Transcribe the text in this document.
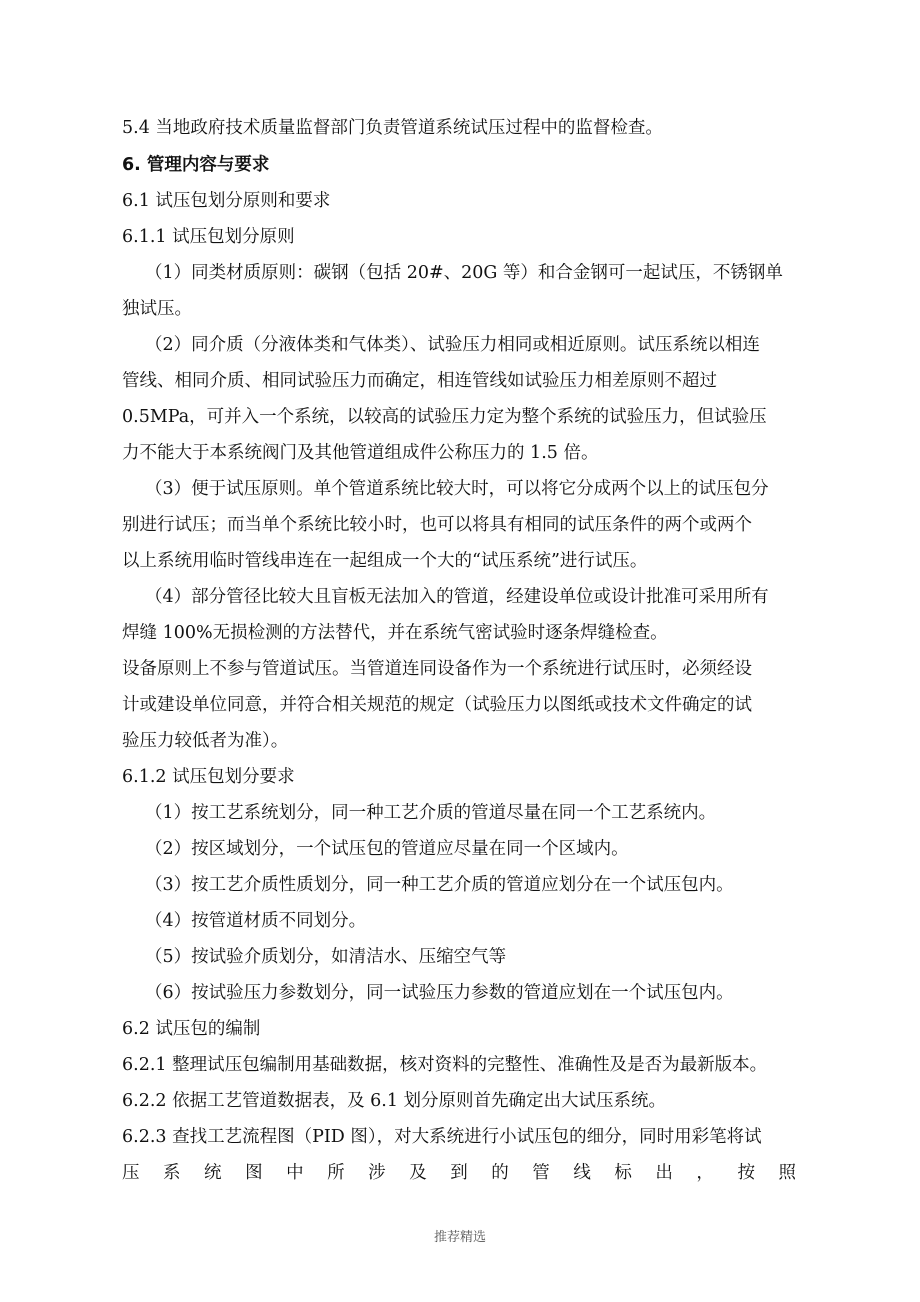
5.4 当地政府技术质量监督部门负责管道系统试压过程中的监督检查。
6. 管理内容与要求
6.1 试压包划分原则和要求
6.1.1 试压包划分原则
（1）同类材质原则：碳钢（包括 20#、20G 等）和合金钢可一起试压，不锈钢单
独试压。
（2）同介质（分液体类和气体类）、试验压力相同或相近原则。试压系统以相连
管线、相同介质、相同试验压力而确定，相连管线如试验压力相差原则不超过
0.5MPa，可并入一个系统，以较高的试验压力定为整个系统的试验压力，但试验压
力不能大于本系统阀门及其他管道组成件公称压力的 1.5 倍。
（3）便于试压原则。单个管道系统比较大时，可以将它分成两个以上的试压包分
别进行试压；而当单个系统比较小时，也可以将具有相同的试压条件的两个或两个
以上系统用临时管线串连在一起组成一个大的“试压系统”进行试压。
（4）部分管径比较大且盲板无法加入的管道，经建设单位或设计批准可采用所有
焊缝 100%无损检测的方法替代，并在系统气密试验时逐条焊缝检查。
设备原则上不参与管道试压。当管道连同设备作为一个系统进行试压时，必须经设
计或建设单位同意，并符合相关规范的规定（试验压力以图纸或技术文件确定的试
验压力较低者为准）。
6.1.2 试压包划分要求
（1）按工艺系统划分，同一种工艺介质的管道尽量在同一个工艺系统内。
（2）按区域划分，一个试压包的管道应尽量在同一个区域内。
（3）按工艺介质性质划分，同一种工艺介质的管道应划分在一个试压包内。
（4）按管道材质不同划分。
（5）按试验介质划分，如清洁水、压缩空气等
（6）按试验压力参数划分，同一试验压力参数的管道应划在一个试压包内。
6.2 试压包的编制
6.2.1 整理试压包编制用基础数据，核对资料的完整性、准确性及是否为最新版本。
6.2.2 依据工艺管道数据表，及 6.1 划分原则首先确定出大试压系统。
6.2.3 查找工艺流程图（PID 图），对大系统进行小试压包的细分，同时用彩笔将试
压 系 统 图 中 所 涉 及 到 的 管 线 标 出 ， 按 照
推荐精选
